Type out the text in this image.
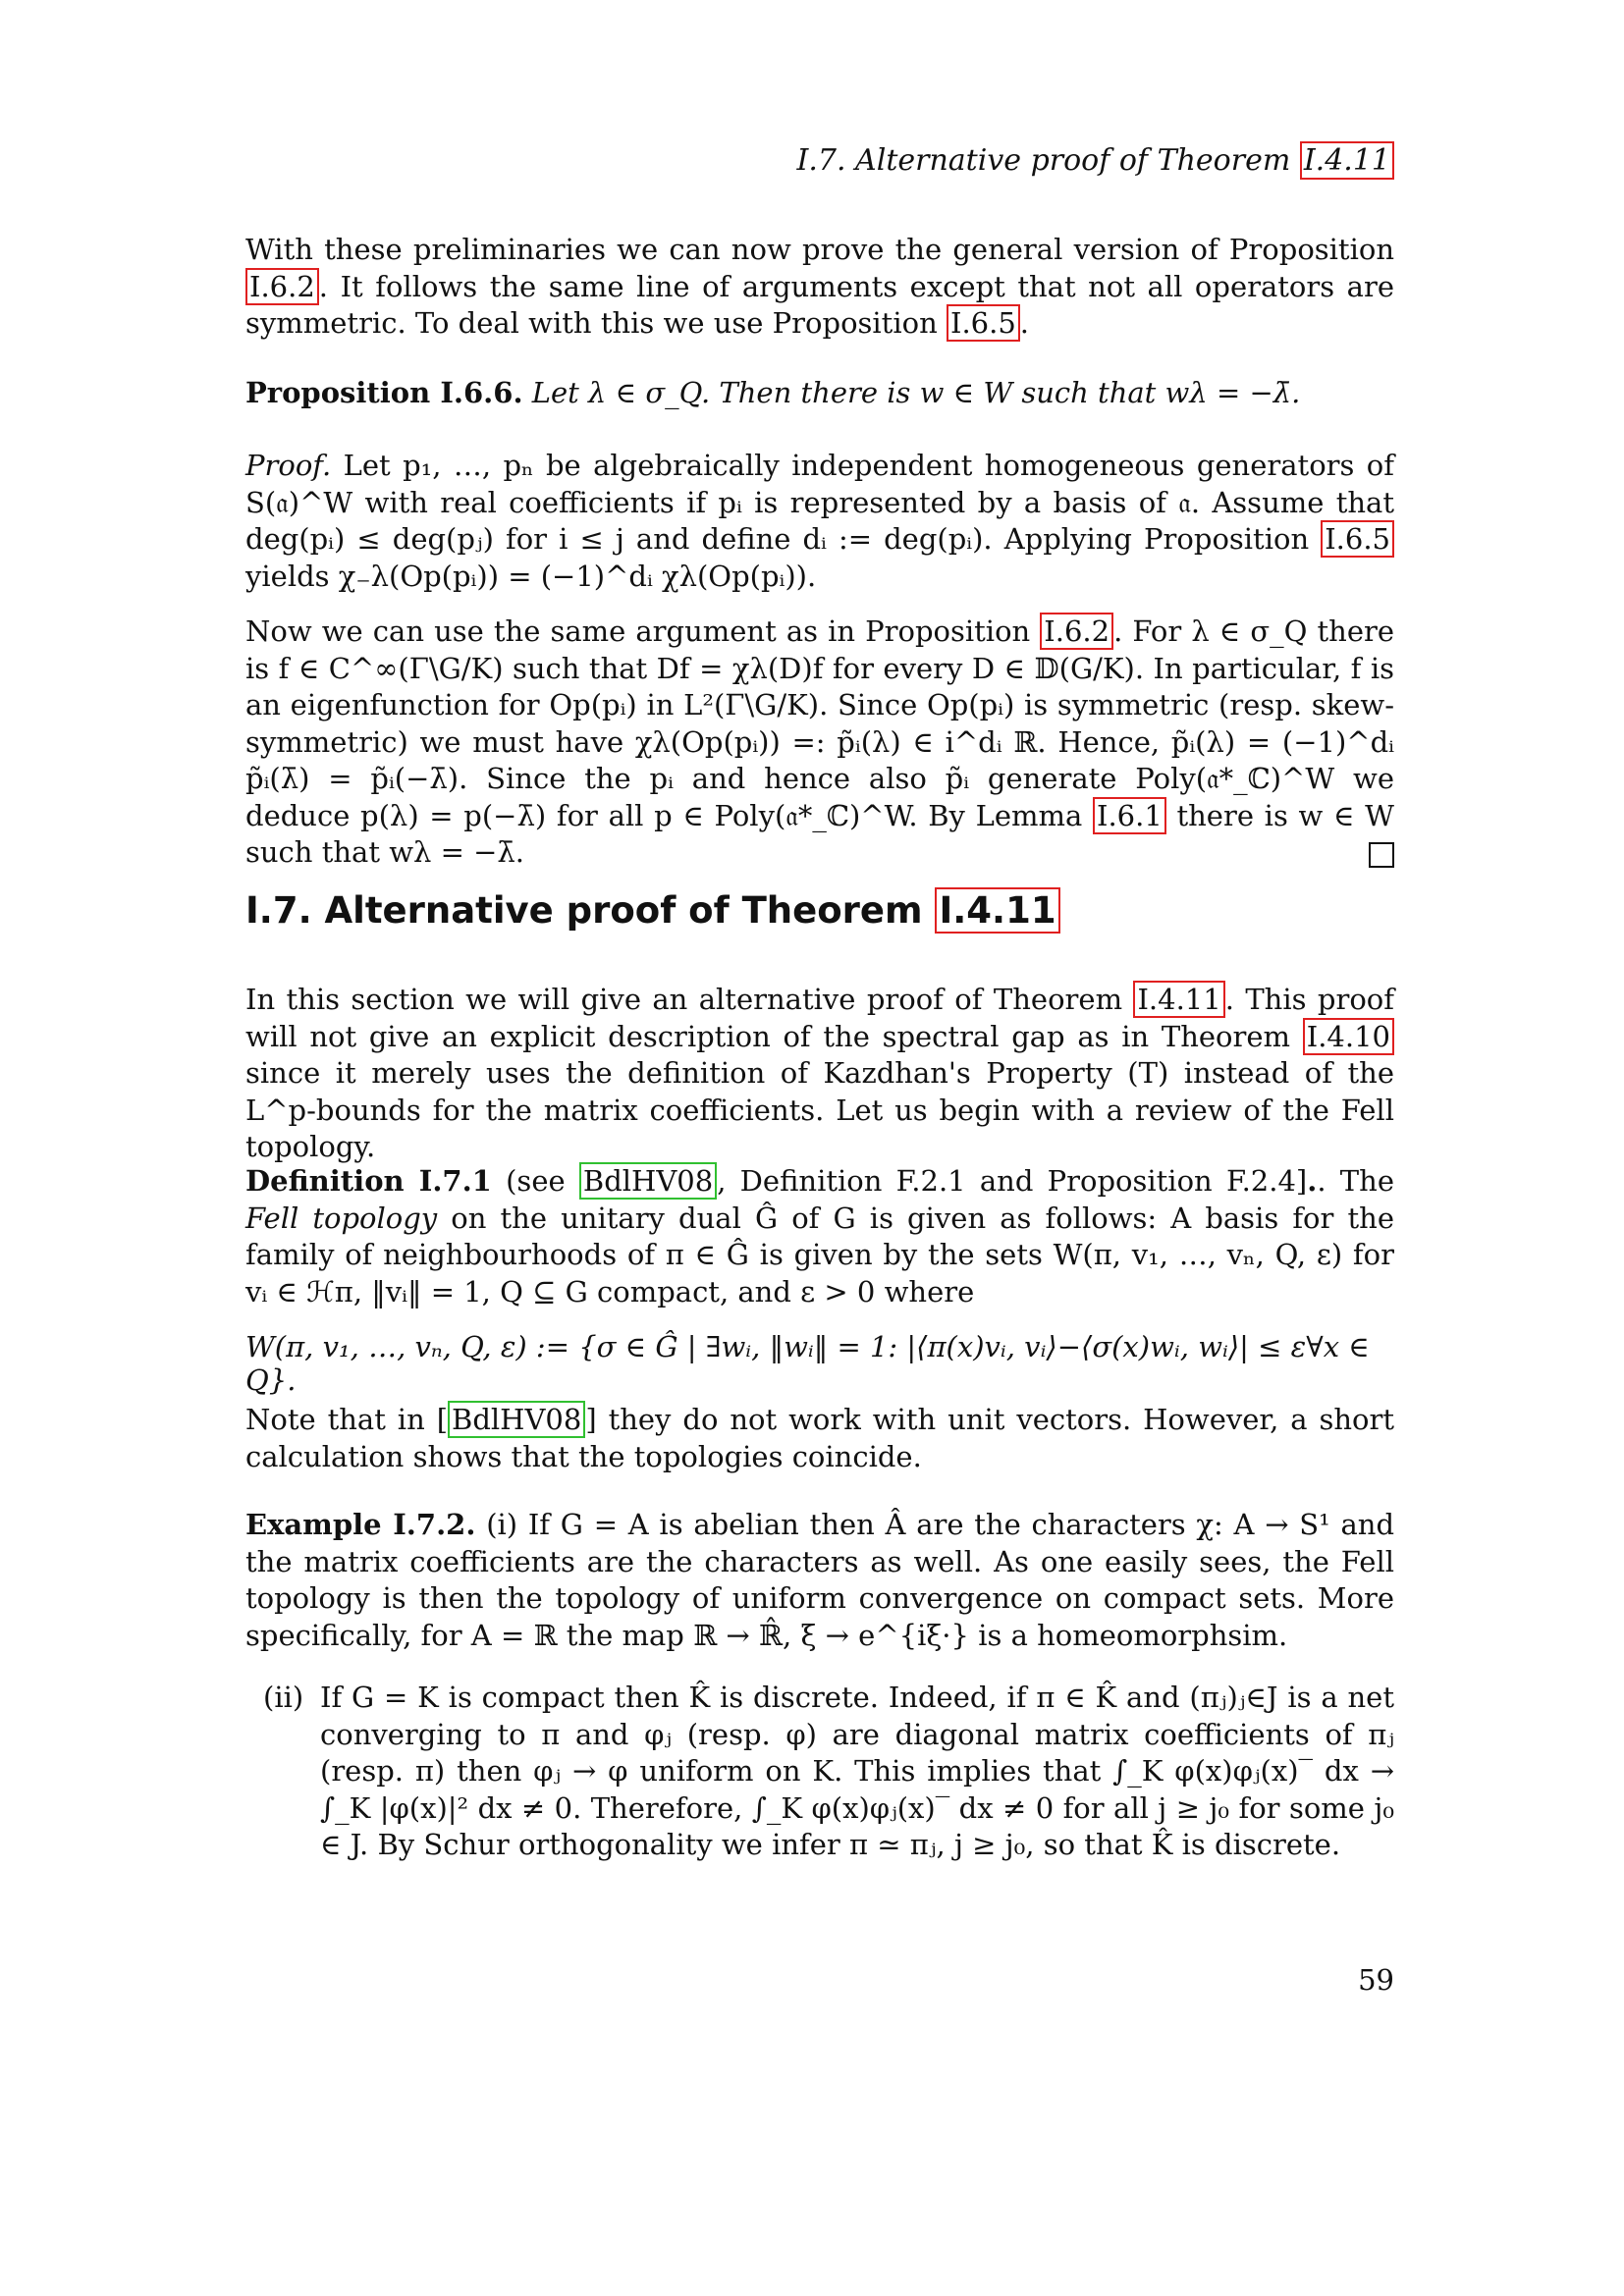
I.7. Alternative proof of Theorem I.4.11
With these preliminaries we can now prove the general version of Proposition I.6.2 . It follows the same line of arguments except that not all operators are symmetric. To deal with this we use Proposition I.6.5 .
Proposition I.6.6. Let λ ∈ σ_Q. Then there is w ∈ W such that wλ = −λ̄.
Proof. Let p₁, …, pₙ be algebraically independent homogeneous generators of S(𝔞)^W with real coefficients if pᵢ is represented by a basis of 𝔞. Assume that deg(pᵢ) ≤ deg(pⱼ) for i ≤ j and define dᵢ := deg(pᵢ). Applying Proposition I.6.5 yields χ₋λ(Op(pᵢ)) = (−1)^dᵢ χλ(Op(pᵢ)).
Now we can use the same argument as in Proposition I.6.2 . For λ ∈ σ_Q there is f ∈ C^∞(Γ\G/K) such that Df = χλ(D)f for every D ∈ 𝔻(G/K). In particular, f is an eigenfunction for Op(pᵢ) in L²(Γ\G/K). Since Op(pᵢ) is symmetric (resp. skew-symmetric) we must have χλ(Op(pᵢ)) =: p̃ᵢ(λ) ∈ i^dᵢ ℝ. Hence, p̃ᵢ(λ) = (−1)^dᵢ p̃ᵢ(λ̄) = p̃ᵢ(−λ̄). Since the pᵢ and hence also p̃ᵢ generate Poly(𝔞*_ℂ)^W we deduce p(λ) = p(−λ̄) for all p ∈ Poly(𝔞*_ℂ)^W. By Lemma I.6.1 there is w ∈ W such that wλ = −λ̄.
I.7. Alternative proof of Theorem I.4.11
In this section we will give an alternative proof of Theorem I.4.11 . This proof will not give an explicit description of the spectral gap as in Theorem I.4.10 since it merely uses the definition of Kazdhan's Property (T) instead of the L^p-bounds for the matrix coefficients. Let us begin with a review of the Fell topology.
Definition I.7.1 (see BdlHV08 , Definition F.2.1 and Proposition F.2.4].. The Fell topology on the unitary dual Ĝ of G is given as follows: A basis for the family of neighbourhoods of π ∈ Ĝ is given by the sets W(π, v₁, …, vₙ, Q, ε) for vᵢ ∈ ℋπ, ‖vᵢ‖ = 1, Q ⊆ G compact, and ε > 0 where
W(π, v₁, …, vₙ, Q, ε) := {σ ∈ Ĝ | ∃wᵢ, ‖wᵢ‖ = 1: |⟨π(x)vᵢ, vᵢ⟩−⟨σ(x)wᵢ, wᵢ⟩| ≤ ε∀x ∈ Q}.
Note that in [ BdlHV08 ] they do not work with unit vectors. However, a short calculation shows that the topologies coincide.
Example I.7.2. (i) If G = A is abelian then Â are the characters χ: A → S¹ and the matrix coefficients are the characters as well. As one easily sees, the Fell topology is then the topology of uniform convergence on compact sets. More specifically, for A = ℝ the map ℝ → ℝ̂, ξ → e^{iξ·} is a homeomorphsim.
(ii) If G = K is compact then K̂ is discrete. Indeed, if π ∈ K̂ and (πⱼ)ⱼ∈J is a net converging to π and φⱼ (resp. φ) are diagonal matrix coefficients of πⱼ (resp. π) then φⱼ → φ uniform on K. This implies that ∫_K φ(x)φⱼ(x)‾ dx → ∫_K |φ(x)|² dx ≠ 0. Therefore, ∫_K φ(x)φⱼ(x)‾ dx ≠ 0 for all j ≥ j₀ for some j₀ ∈ J. By Schur orthogonality we infer π ≃ πⱼ, j ≥ j₀, so that K̂ is discrete.
59
